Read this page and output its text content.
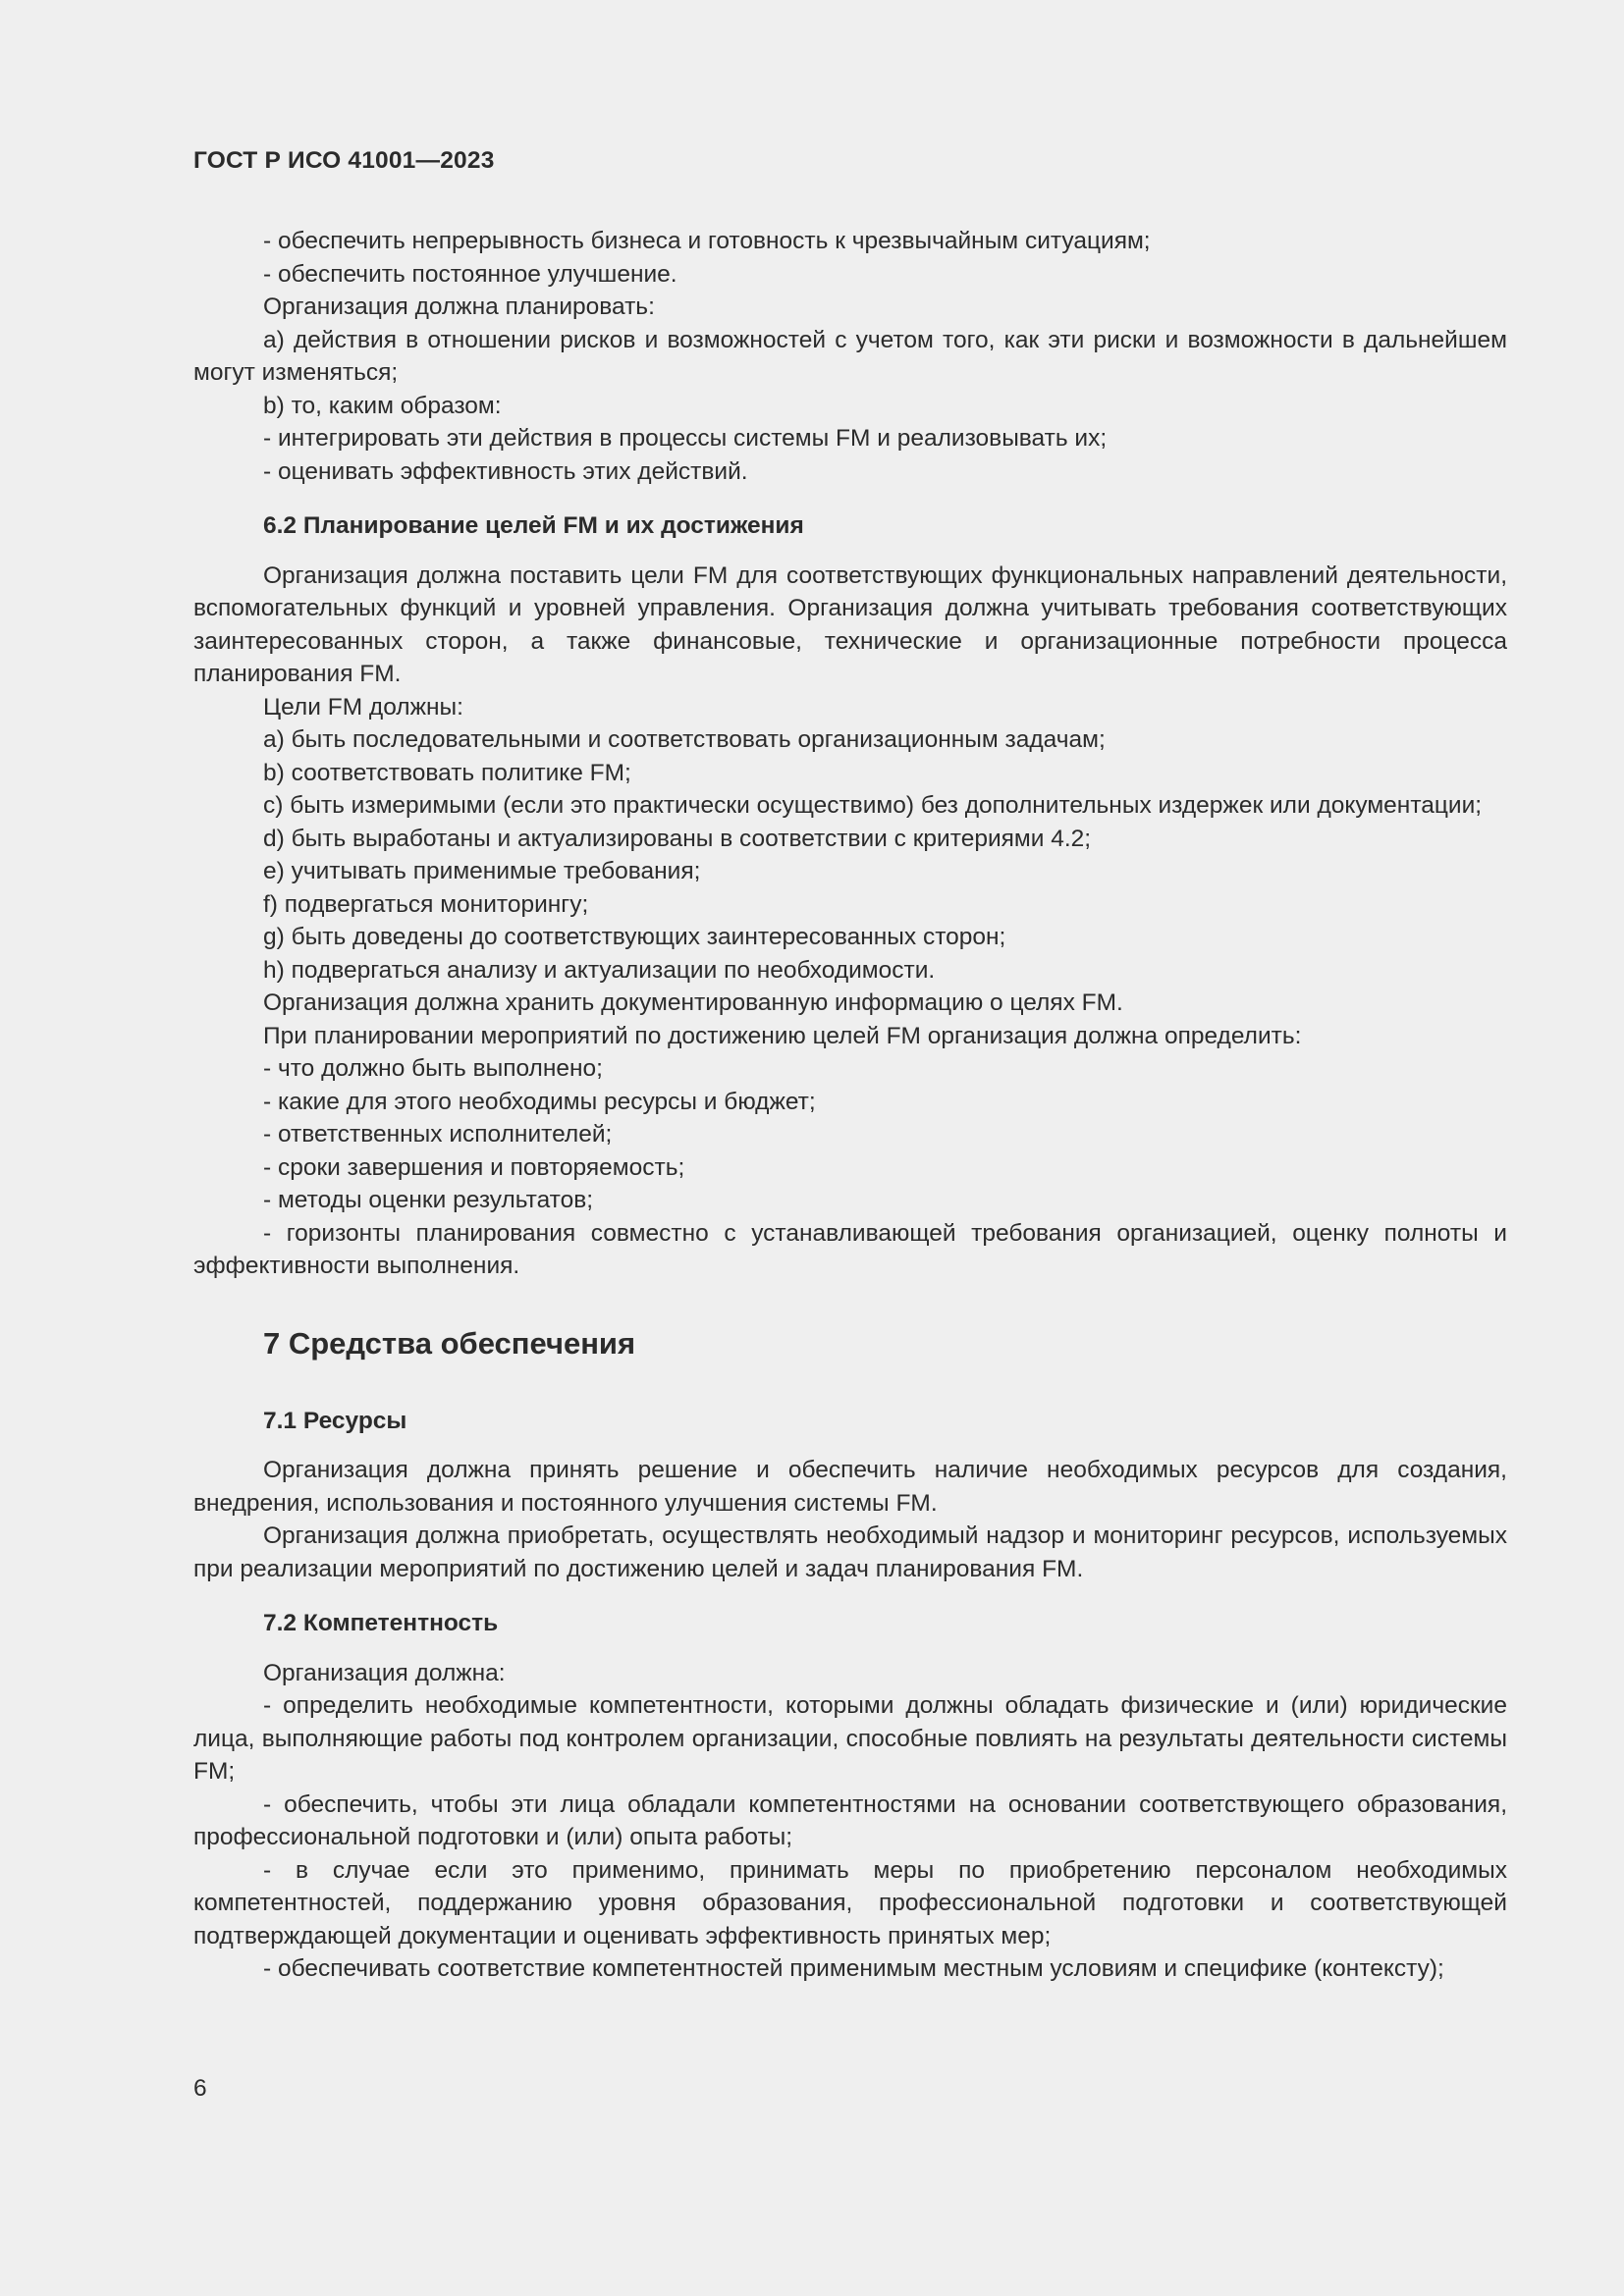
ГОСТ Р ИСО 41001—2023

- обеспечить непрерывность бизнеса и готовность к чрезвычайным ситуациям;

- обеспечить постоянное улучшение.

Организация должна планировать:

a) действия в отношении рисков и возможностей с учетом того, как эти риски и возможности в дальнейшем могут изменяться;

b) то, каким образом:

- интегрировать эти действия в процессы системы FM и реализовывать их;

- оценивать эффективность этих действий.

6.2 Планирование целей FM и их достижения

Организация должна поставить цели FM для соответствующих функциональных направлений деятельности, вспомогательных функций и уровней управления. Организация должна учитывать требования соответствующих заинтересованных сторон, а также финансовые, технические и организационные потребности процесса планирования FM.

Цели FM должны:

a) быть последовательными и соответствовать организационным задачам;

b) соответствовать политике FM;

c) быть измеримыми (если это практически осуществимо) без дополнительных издержек или документации;

d) быть выработаны и актуализированы в соответствии с критериями 4.2;

e) учитывать применимые требования;

f) подвергаться мониторингу;

g) быть доведены до соответствующих заинтересованных сторон;

h) подвергаться анализу и актуализации по необходимости.

Организация должна хранить документированную информацию о целях FM.

При планировании мероприятий по достижению целей FM организация должна определить:

- что должно быть выполнено;

- какие для этого необходимы ресурсы и бюджет;

- ответственных исполнителей;

- сроки завершения и повторяемость;

- методы оценки результатов;

- горизонты планирования совместно с устанавливающей требования организацией, оценку полноты и эффективности выполнения.

7 Средства обеспечения
7.1 Ресурсы

Организация должна принять решение и обеспечить наличие необходимых ресурсов для создания, внедрения, использования и постоянного улучшения системы FM.

Организация должна приобретать, осуществлять необходимый надзор и мониторинг ресурсов, используемых при реализации мероприятий по достижению целей и задач планирования FM.

7.2 Компетентность

Организация должна:

- определить необходимые компетентности, которыми должны обладать физические и (или) юридические лица, выполняющие работы под контролем организации, способные повлиять на результаты деятельности системы FM;

- обеспечить, чтобы эти лица обладали компетентностями на основании соответствующего образования, профессиональной подготовки и (или) опыта работы;

- в случае если это применимо, принимать меры по приобретению персоналом необходимых компетентностей, поддержанию уровня образования, профессиональной подготовки и соответствующей подтверждающей документации и оценивать эффективность принятых мер;

- обеспечивать соответствие компетентностей применимым местным условиям и специфике (контексту);

6
